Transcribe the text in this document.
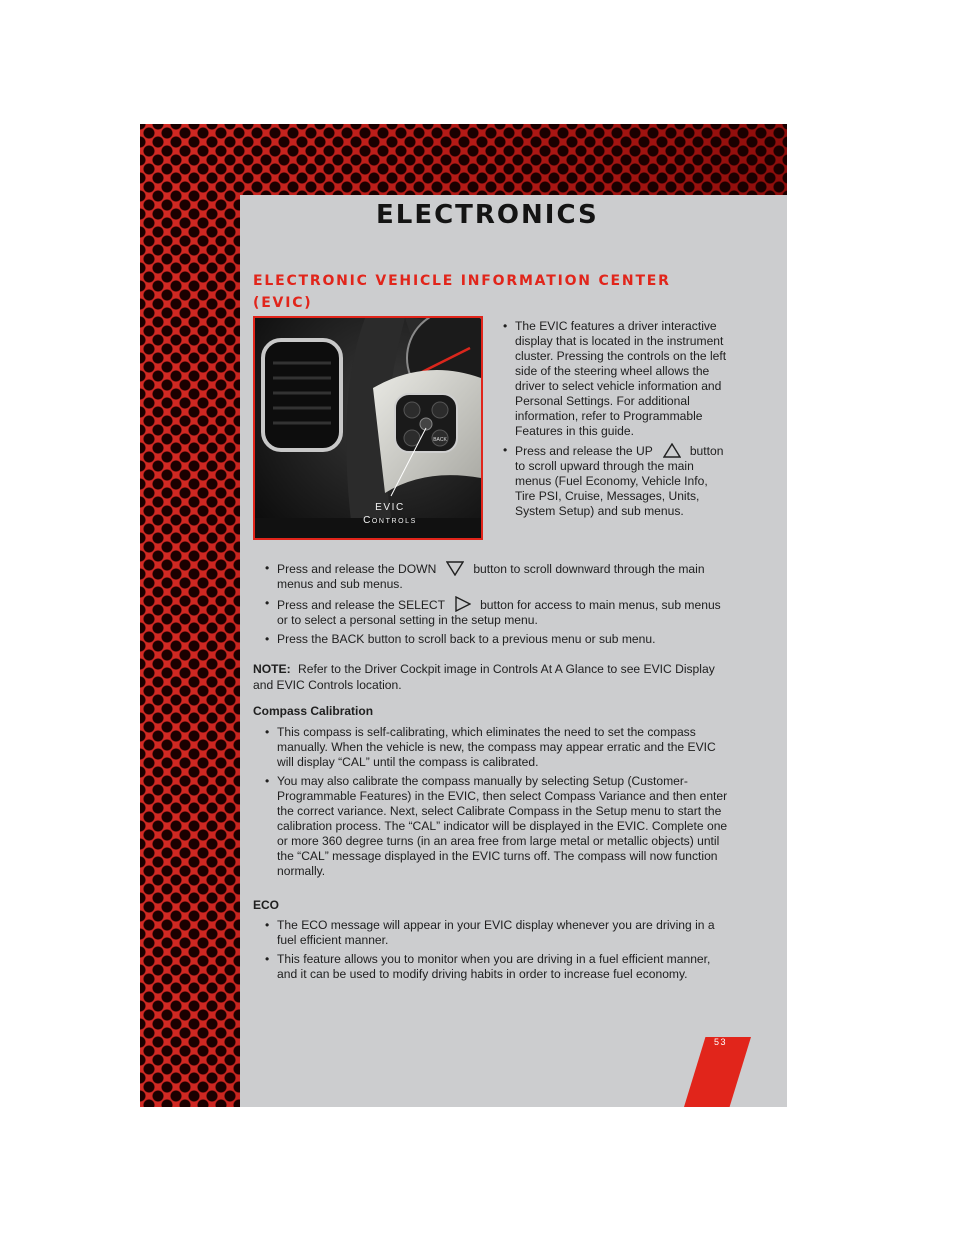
ELECTRONICS
ELECTRONIC VEHICLE INFORMATION CENTER (EVIC)
BACK
EVIC
Controls
• The EVIC features a driver interactive display that is located in the instrument cluster. Pressing the controls on the left side of the steering wheel allows the driver to select vehicle information and Personal Settings. For additional information, refer to Programmable Features in this guide.
• Press and release the UP	button to scroll upward through the main menus (Fuel Economy, Vehicle Info, Tire PSI, Cruise, Messages, Units, System Setup) and sub menus.
• Press and release the DOWN	button to scroll downward through the main menus and sub menus.
• Press and release the SELECT	button for access to main menus, sub menus or to select a personal setting in the setup menu.
• Press the BACK button to scroll back to a previous menu or sub menu.

NOTE: Refer to the Driver Cockpit image in Controls At A Glance to see EVIC Display and EVIC Controls location.

Compass Calibration
• This compass is self-calibrating, which eliminates the need to set the compass manually. When the vehicle is new, the compass may appear erratic and the EVIC will display “CAL” until the compass is calibrated.
• You may also calibrate the compass manually by selecting Setup (Customer-Programmable Features) in the EVIC, then select Compass Variance and then enter the correct variance. Next, select Calibrate Compass in the Setup menu to start the calibration process. The “CAL” indicator will be displayed in the EVIC. Complete one or more 360 degree turns (in an area free from large metal or metallic objects) until the “CAL” message displayed in the EVIC turns off. The compass will now function normally.
ECO
• The ECO message will appear in your EVIC display whenever you are driving in a fuel efficient manner.
• This feature allows you to monitor when you are driving in a fuel efficient manner, and it can be used to modify driving habits in order to increase fuel economy.
53
